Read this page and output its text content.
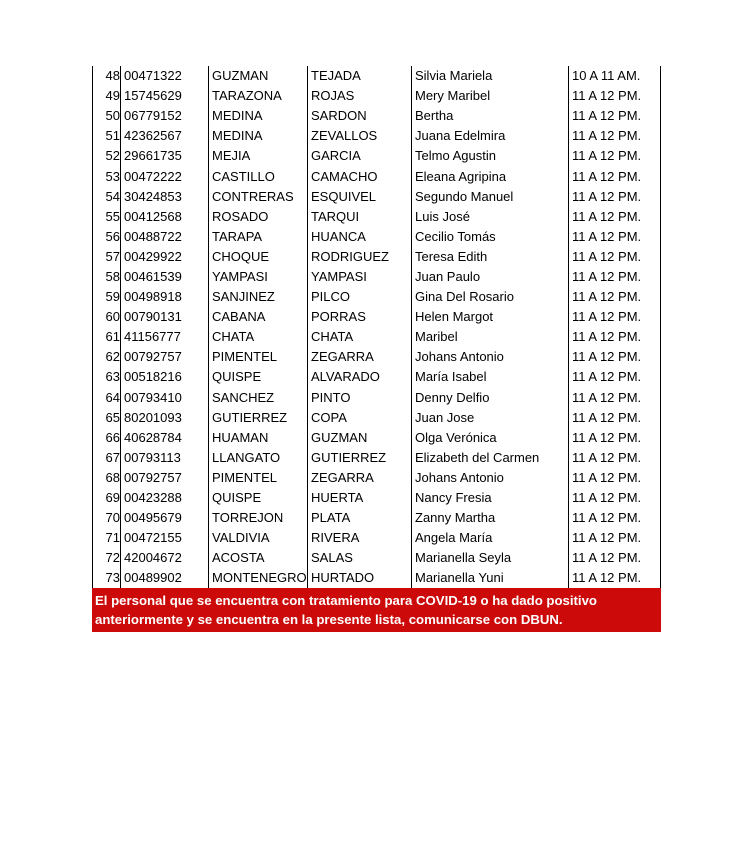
48	00471322	GUZMAN	TEJADA	Silvia Mariela	10 A 11 AM.
49	15745629	TARAZONA	ROJAS	Mery Maribel	11 A 12 PM.
50	06779152	MEDINA	SARDON	Bertha	11 A 12 PM.
51	42362567	MEDINA	ZEVALLOS	Juana Edelmira	11 A 12 PM.
52	29661735	MEJIA	GARCIA	Telmo Agustin	11 A 12 PM.
53	00472222	CASTILLO	CAMACHO	Eleana Agripina	11 A 12 PM.
54	30424853	CONTRERAS	ESQUIVEL	Segundo Manuel	11 A 12 PM.
55	00412568	ROSADO	TARQUI	Luis José	11 A 12 PM.
56	00488722	TARAPA	HUANCA	Cecilio Tomás	11 A 12 PM.
57	00429922	CHOQUE	RODRIGUEZ	Teresa Edith	11 A 12 PM.
58	00461539	YAMPASI	YAMPASI	Juan Paulo	11 A 12 PM.
59	00498918	SANJINEZ	PILCO	Gina Del Rosario	11 A 12 PM.
60	00790131	CABANA	PORRAS	Helen Margot	11 A 12 PM.
61	41156777	CHATA	CHATA	Maribel	11 A 12 PM.
62	00792757	PIMENTEL	ZEGARRA	Johans Antonio	11 A 12 PM.
63	00518216	QUISPE	ALVARADO	María Isabel	11 A 12 PM.
64	00793410	SANCHEZ	PINTO	Denny Delfio	11 A 12 PM.
65	80201093	GUTIERREZ	COPA	Juan Jose	11 A 12 PM.
66	40628784	HUAMAN	GUZMAN	Olga Verónica	11 A 12 PM.
67	00793113	LLANGATO	GUTIERREZ	Elizabeth del Carmen	11 A 12 PM.
68	00792757	PIMENTEL	ZEGARRA	Johans Antonio	11 A 12 PM.
69	00423288	QUISPE	HUERTA	Nancy Fresia	11 A 12 PM.
70	00495679	TORREJON	PLATA	Zanny Martha	11 A 12 PM.
71	00472155	VALDIVIA	RIVERA	Angela María	11 A 12 PM.
72	42004672	ACOSTA	SALAS	Marianella Seyla	11 A 12 PM.
73	00489902	MONTENEGRO	HURTADO	Marianella Yuni	11 A 12 PM.
El personal que se encuentra con tratamiento para COVID-19 o ha dado positivo
anteriormente y se encuentra en la presente lista, comunicarse con DBUN.
